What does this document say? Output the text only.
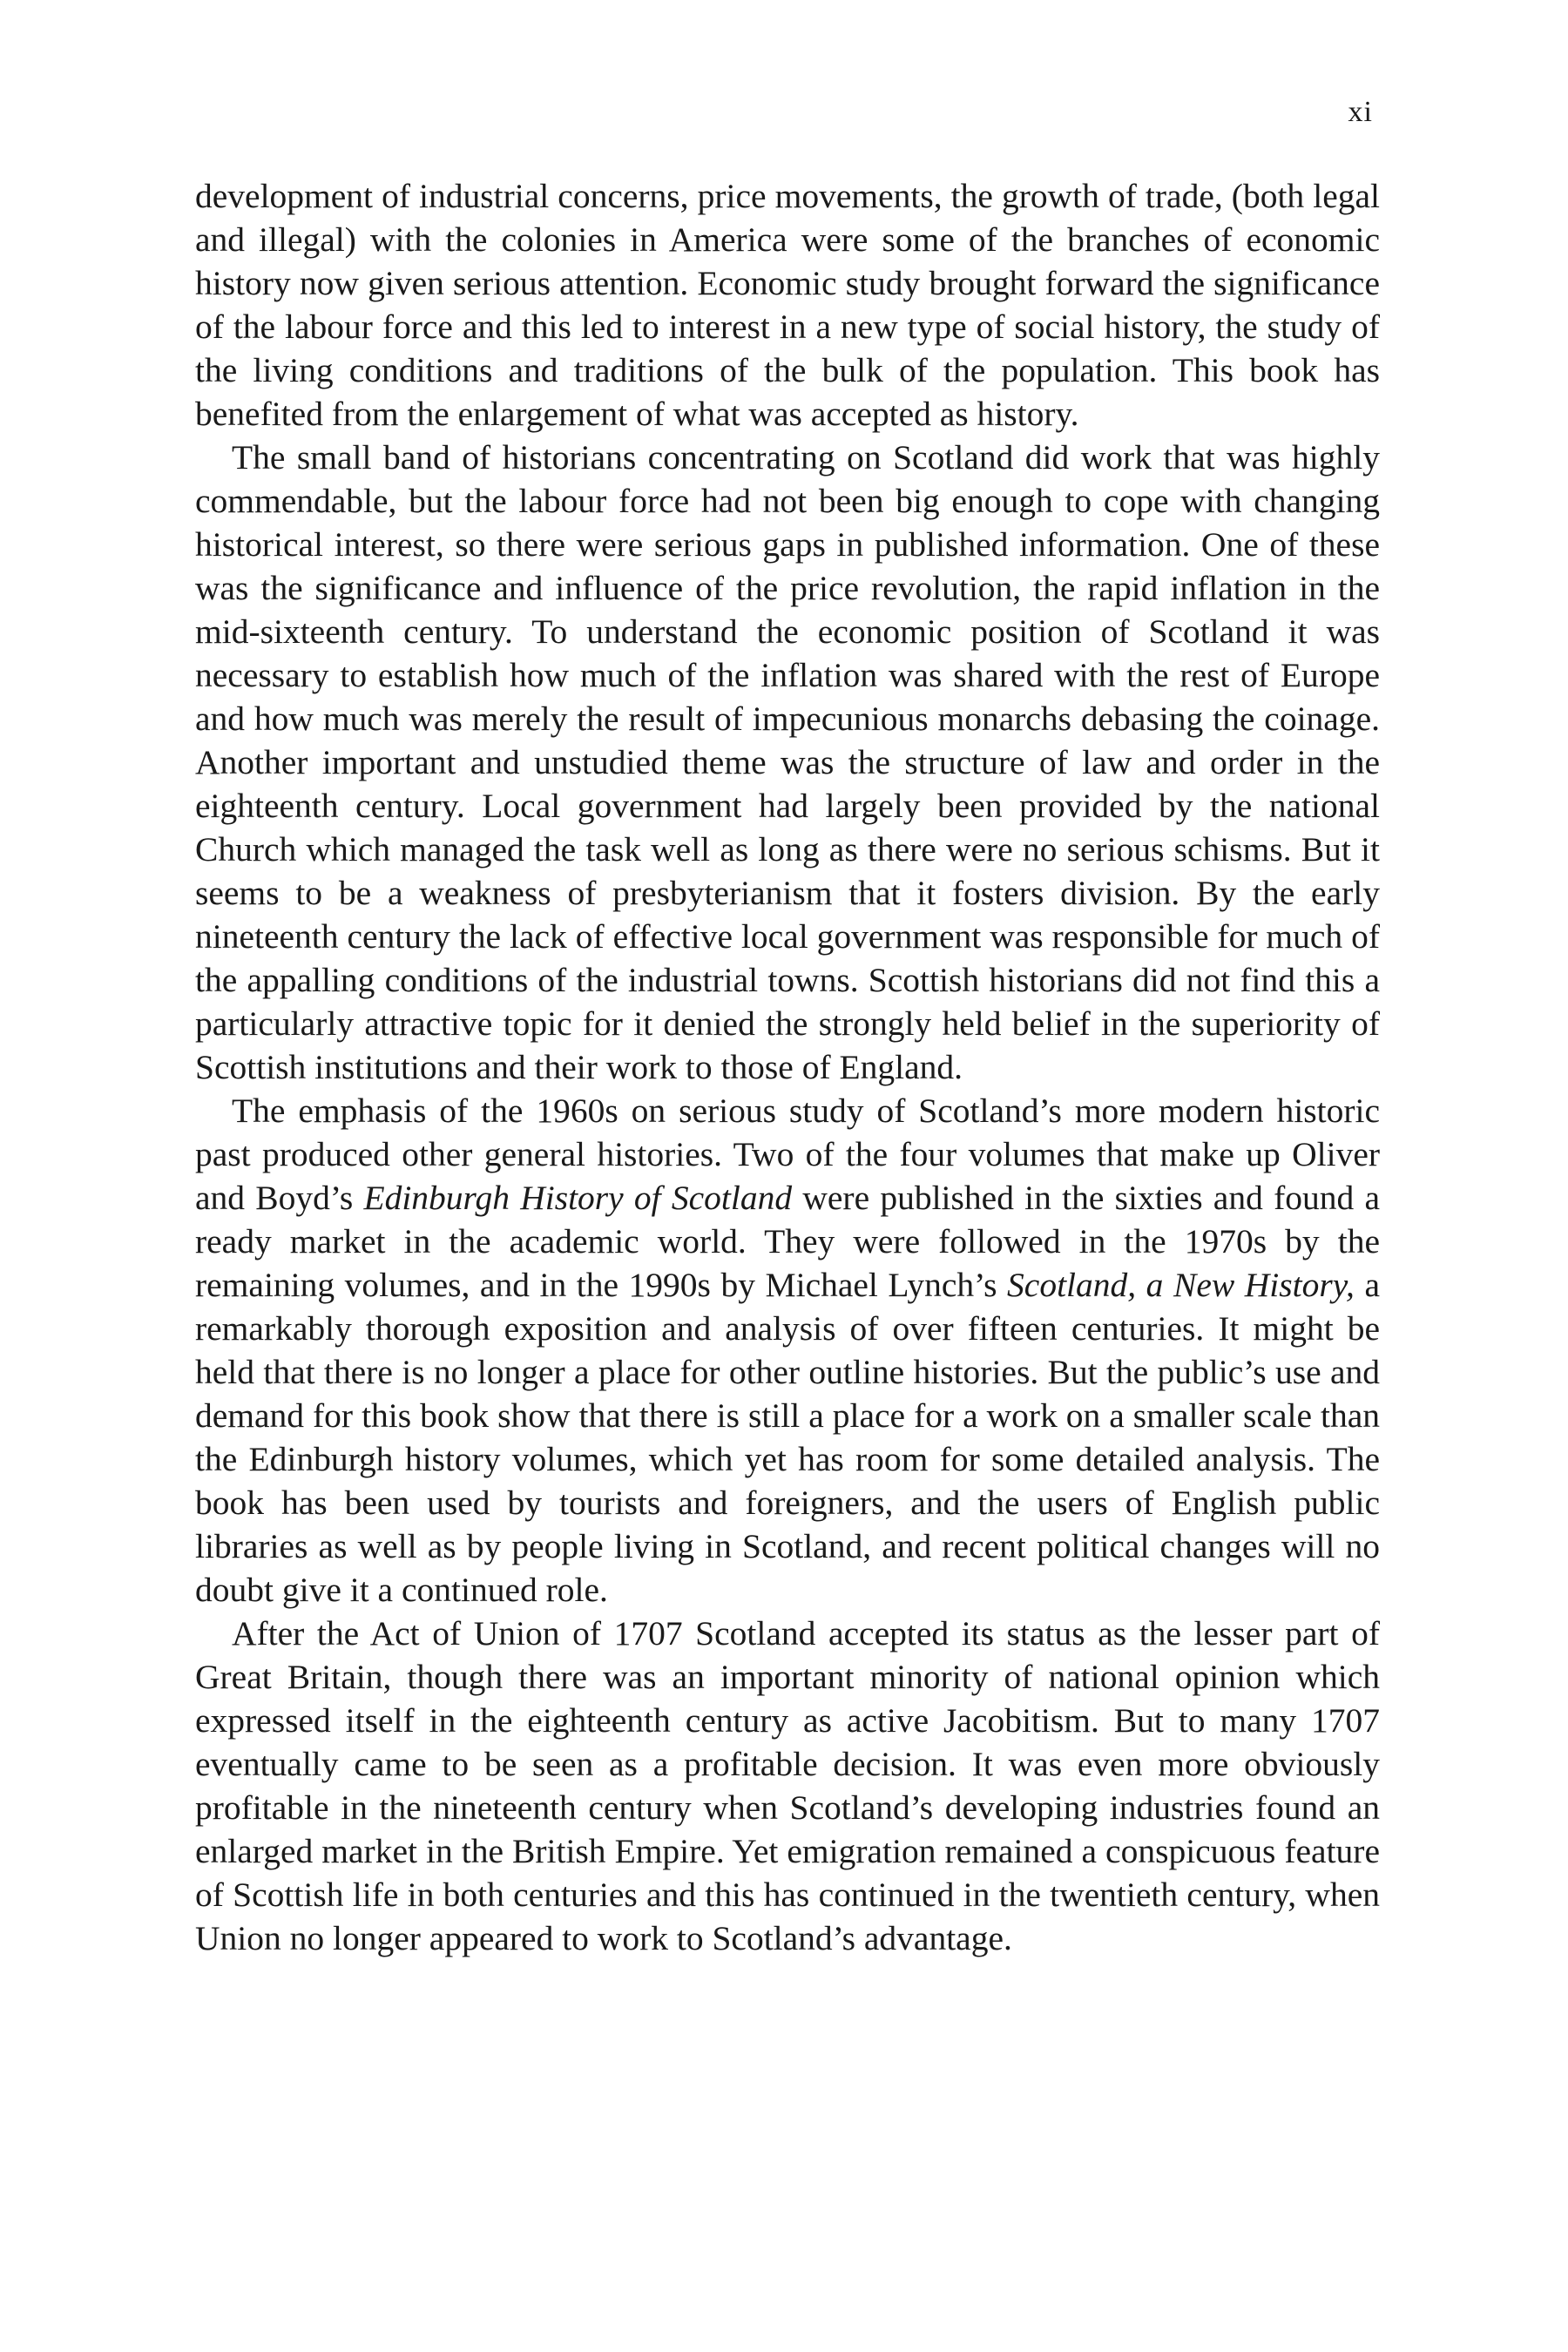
xi

development of industrial concerns, price movements, the growth of trade, (both legal and illegal) with the colonies in America were some of the branches of economic history now given serious attention. Economic study brought forward the significance of the labour force and this led to interest in a new type of social history, the study of the living conditions and traditions of the bulk of the population. This book has benefited from the enlargement of what was accepted as history.

The small band of historians concentrating on Scotland did work that was highly commendable, but the labour force had not been big enough to cope with changing historical interest, so there were serious gaps in published information. One of these was the significance and influence of the price revolution, the rapid inflation in the mid-sixteenth century. To understand the economic position of Scotland it was necessary to establish how much of the inflation was shared with the rest of Europe and how much was merely the result of impecunious monarchs debasing the coinage. Another important and unstudied theme was the structure of law and order in the eighteenth century. Local government had largely been provided by the national Church which managed the task well as long as there were no serious schisms. But it seems to be a weakness of presbyterianism that it fosters division. By the early nineteenth century the lack of effective local government was responsible for much of the appalling conditions of the industrial towns. Scottish historians did not find this a particularly attractive topic for it denied the strongly held belief in the superiority of Scottish institutions and their work to those of England.

The emphasis of the 1960s on serious study of Scotland’s more modern historic past produced other general histories. Two of the four volumes that make up Oliver and Boyd’s Edinburgh History of Scotland were published in the sixties and found a ready market in the academic world. They were followed in the 1970s by the remaining volumes, and in the 1990s by Michael Lynch’s Scotland, a New History, a remarkably thorough exposition and analysis of over fifteen centuries. It might be held that there is no longer a place for other outline histories. But the public’s use and demand for this book show that there is still a place for a work on a smaller scale than the Edinburgh history volumes, which yet has room for some detailed analysis. The book has been used by tourists and foreigners, and the users of English public libraries as well as by people living in Scotland, and recent political changes will no doubt give it a continued role.

After the Act of Union of 1707 Scotland accepted its status as the lesser part of Great Britain, though there was an important minority of national opinion which expressed itself in the eighteenth century as active Jacobitism. But to many 1707 eventually came to be seen as a profitable decision. It was even more obviously profitable in the nineteenth century when Scotland’s developing industries found an enlarged market in the British Empire. Yet emigration remained a conspicuous feature of Scottish life in both centuries and this has continued in the twentieth century, when Union no longer appeared to work to Scotland’s advantage.
